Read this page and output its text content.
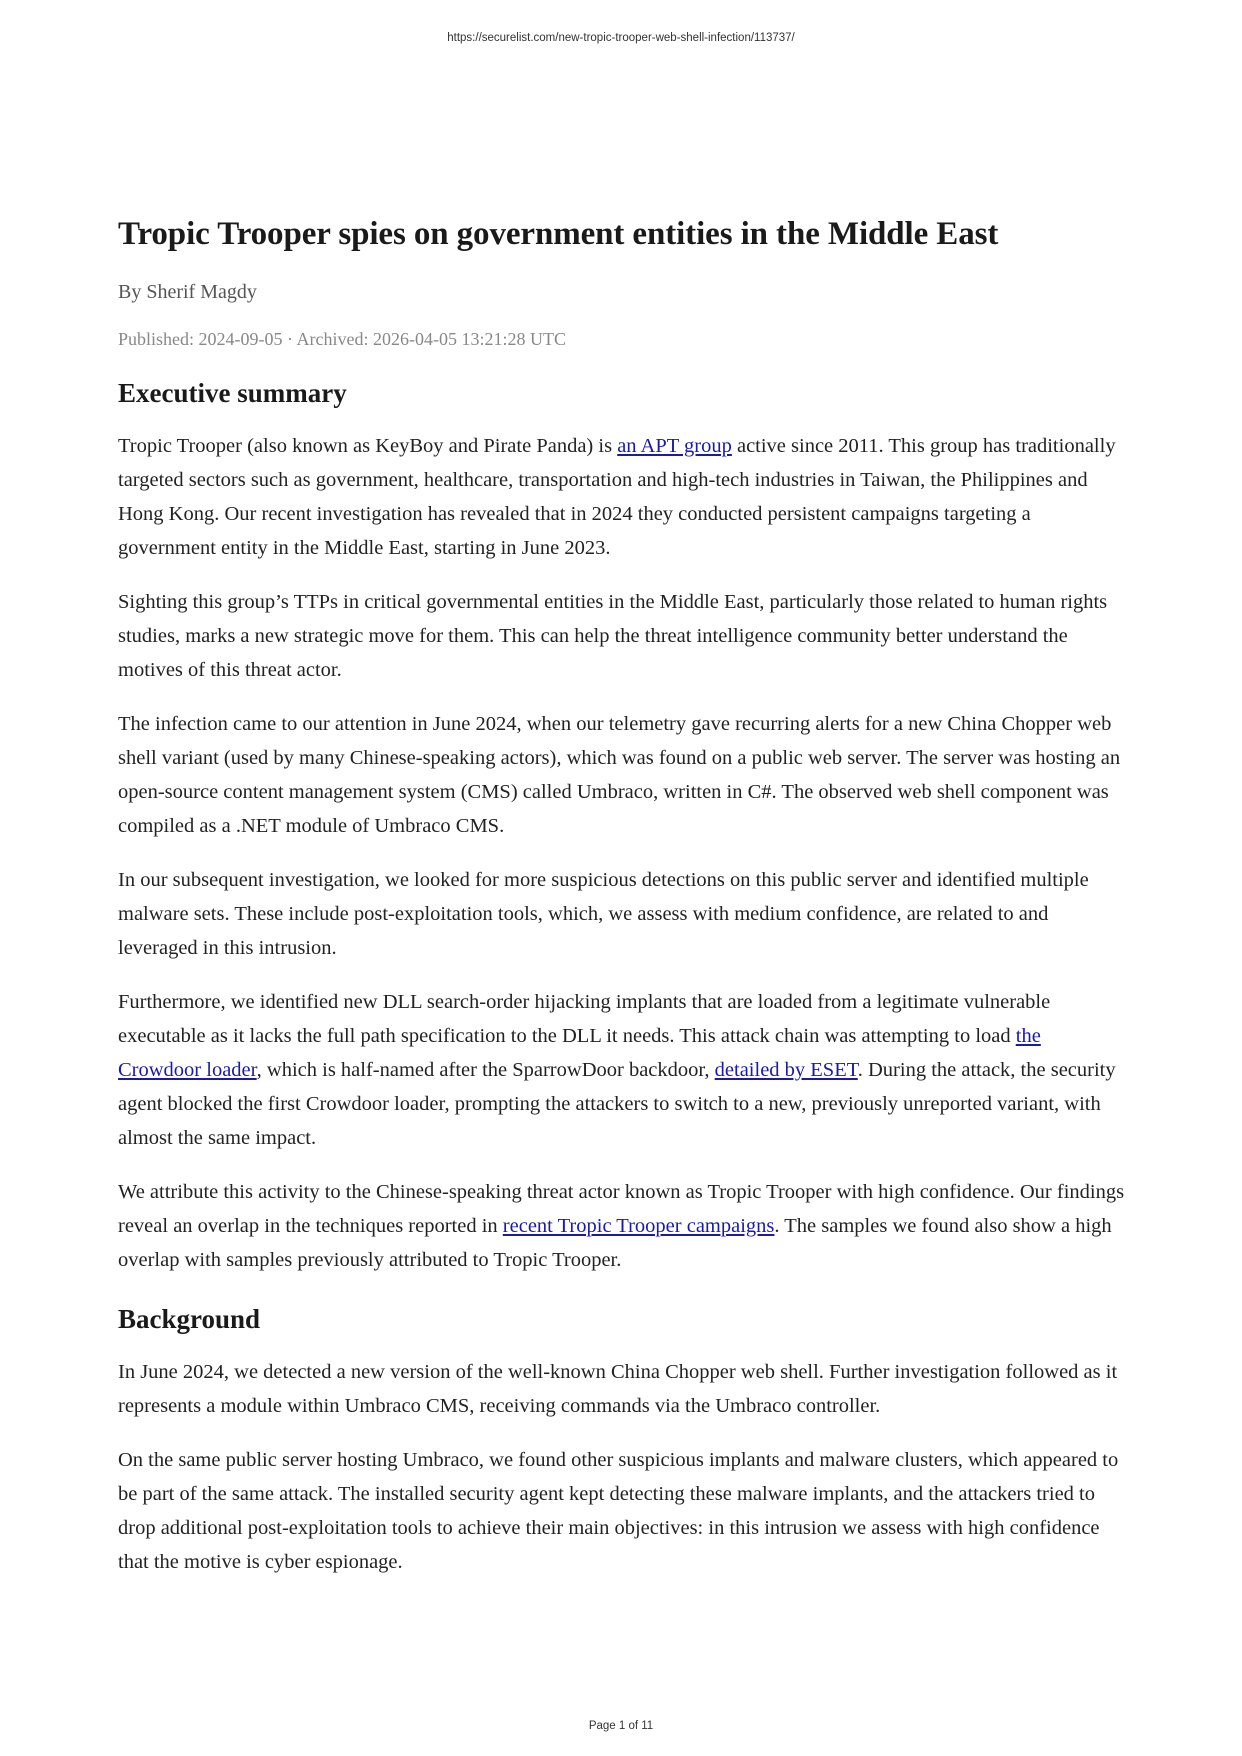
https://securelist.com/new-tropic-trooper-web-shell-infection/113737/
Tropic Trooper spies on government entities in the Middle East
By Sherif Magdy
Published: 2024-09-05 · Archived: 2026-04-05 13:21:28 UTC
Executive summary

Tropic Trooper (also known as KeyBoy and Pirate Panda) is an APT group active since 2011. This group has traditionally targeted sectors such as government, healthcare, transportation and high-tech industries in Taiwan, the Philippines and Hong Kong. Our recent investigation has revealed that in 2024 they conducted persistent campaigns targeting a government entity in the Middle East, starting in June 2023.

Sighting this group’s TTPs in critical governmental entities in the Middle East, particularly those related to human rights studies, marks a new strategic move for them. This can help the threat intelligence community better understand the motives of this threat actor.

The infection came to our attention in June 2024, when our telemetry gave recurring alerts for a new China Chopper web shell variant (used by many Chinese-speaking actors), which was found on a public web server. The server was hosting an open-source content management system (CMS) called Umbraco, written in C#. The observed web shell component was compiled as a .NET module of Umbraco CMS.

In our subsequent investigation, we looked for more suspicious detections on this public server and identified multiple malware sets. These include post-exploitation tools, which, we assess with medium confidence, are related to and leveraged in this intrusion.

Furthermore, we identified new DLL search-order hijacking implants that are loaded from a legitimate vulnerable executable as it lacks the full path specification to the DLL it needs. This attack chain was attempting to load the Crowdoor loader, which is half-named after the SparrowDoor backdoor, detailed by ESET. During the attack, the security agent blocked the first Crowdoor loader, prompting the attackers to switch to a new, previously unreported variant, with almost the same impact.

We attribute this activity to the Chinese-speaking threat actor known as Tropic Trooper with high confidence. Our findings reveal an overlap in the techniques reported in recent Tropic Trooper campaigns. The samples we found also show a high overlap with samples previously attributed to Tropic Trooper.

Background

In June 2024, we detected a new version of the well-known China Chopper web shell. Further investigation followed as it represents a module within Umbraco CMS, receiving commands via the Umbraco controller.

On the same public server hosting Umbraco, we found other suspicious implants and malware clusters, which appeared to be part of the same attack. The installed security agent kept detecting these malware implants, and the attackers tried to drop additional post-exploitation tools to achieve their main objectives: in this intrusion we assess with high confidence that the motive is cyber espionage.

Page 1 of 11
